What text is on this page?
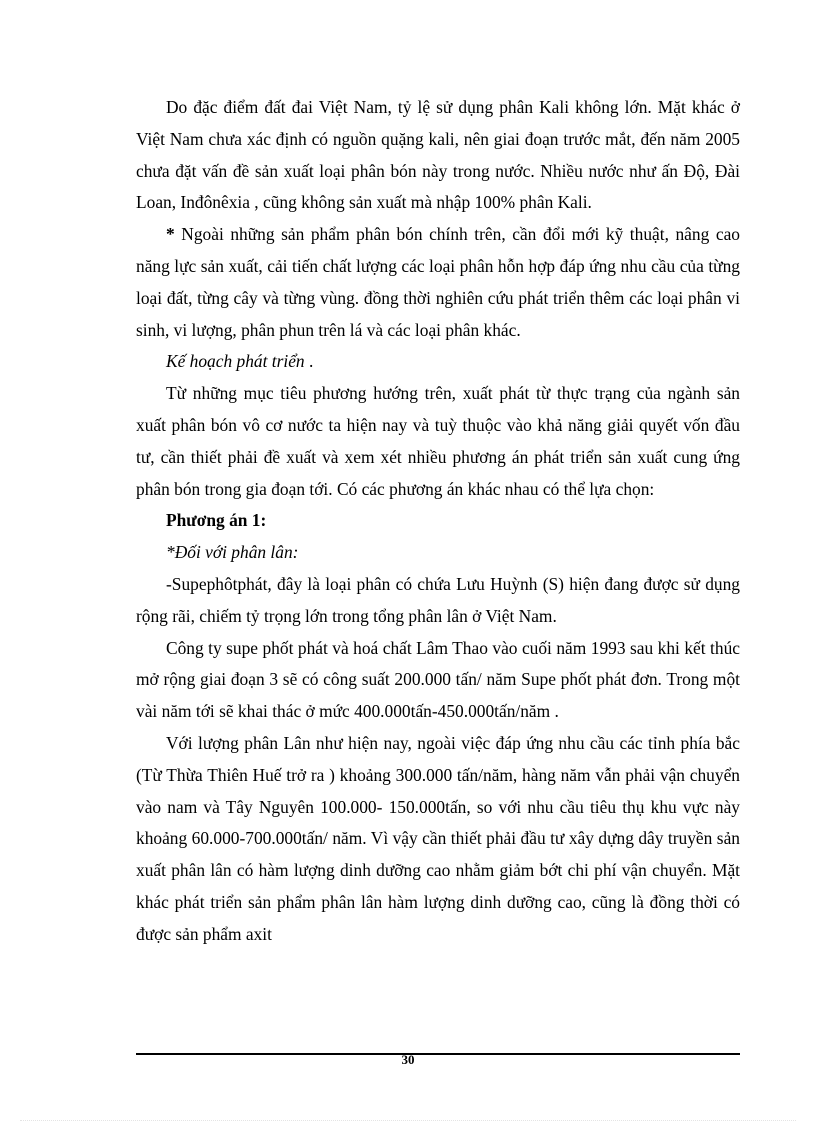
Do đặc điểm đất đai Việt Nam, tỷ lệ sử dụng phân Kali không lớn. Mặt khác ở Việt Nam chưa xác định có nguồn quặng kali, nên giai đoạn trước mắt, đến năm 2005 chưa đặt vấn đề sản xuất loại phân bón này trong nước. Nhiều nước như ấn Độ, Đài Loan, Inđônêxia , cũng không sản xuất mà nhập 100% phân Kali.

* Ngoài những sản phẩm phân bón chính trên, cần đổi mới kỹ thuật, nâng cao năng lực sản xuất, cải tiến chất lượng các loại phân hỗn hợp đáp ứng nhu cầu của từng loại đất, từng cây và từng vùng. đồng thời nghiên cứu phát triển thêm các loại phân vi sinh, vi lượng, phân phun trên lá và các loại phân khác.

Kế hoạch phát triển .

Từ những mục tiêu phương hướng trên, xuất phát từ thực trạng của ngành sản xuất phân bón vô cơ nước ta hiện nay và tuỳ thuộc vào khả năng giải quyết vốn đầu tư, cần thiết phải đề xuất và xem xét nhiều phương án phát triển sản xuất cung ứng phân bón trong gia đoạn tới. Có các phương án khác nhau có thể lựa chọn:

Phương án 1:

*Đối với phân lân:

-Supephôtphát, đây là loại phân có chứa Lưu Huỳnh (S) hiện đang được sử dụng rộng rãi, chiếm tỷ trọng lớn trong tổng phân lân ở Việt Nam.

Công ty supe phốt phát và hoá chất Lâm Thao vào cuối năm 1993 sau khi kết thúc mở rộng giai đoạn 3 sẽ có công suất 200.000 tấn/ năm Supe phốt phát đơn. Trong một vài năm tới sẽ khai thác ở mức 400.000tấn-450.000tấn/năm .

Với lượng phân Lân như hiện nay, ngoài việc đáp ứng nhu cầu các tỉnh phía bắc (Từ Thừa Thiên Huế trở ra ) khoảng 300.000 tấn/năm, hàng năm vẫn phải vận chuyển vào nam và Tây Nguyên 100.000- 150.000tấn, so với nhu cầu tiêu thụ khu vực này khoảng 60.000-700.000tấn/ năm. Vì vậy cần thiết phải đầu tư xây dựng dây truyền sản xuất phân lân có hàm lượng dinh dưỡng cao nhằm giảm bớt chi phí vận chuyển. Mặt khác phát triển sản phẩm phân lân hàm lượng dinh dưỡng cao, cũng là đồng thời có được sản phẩm axit

30
